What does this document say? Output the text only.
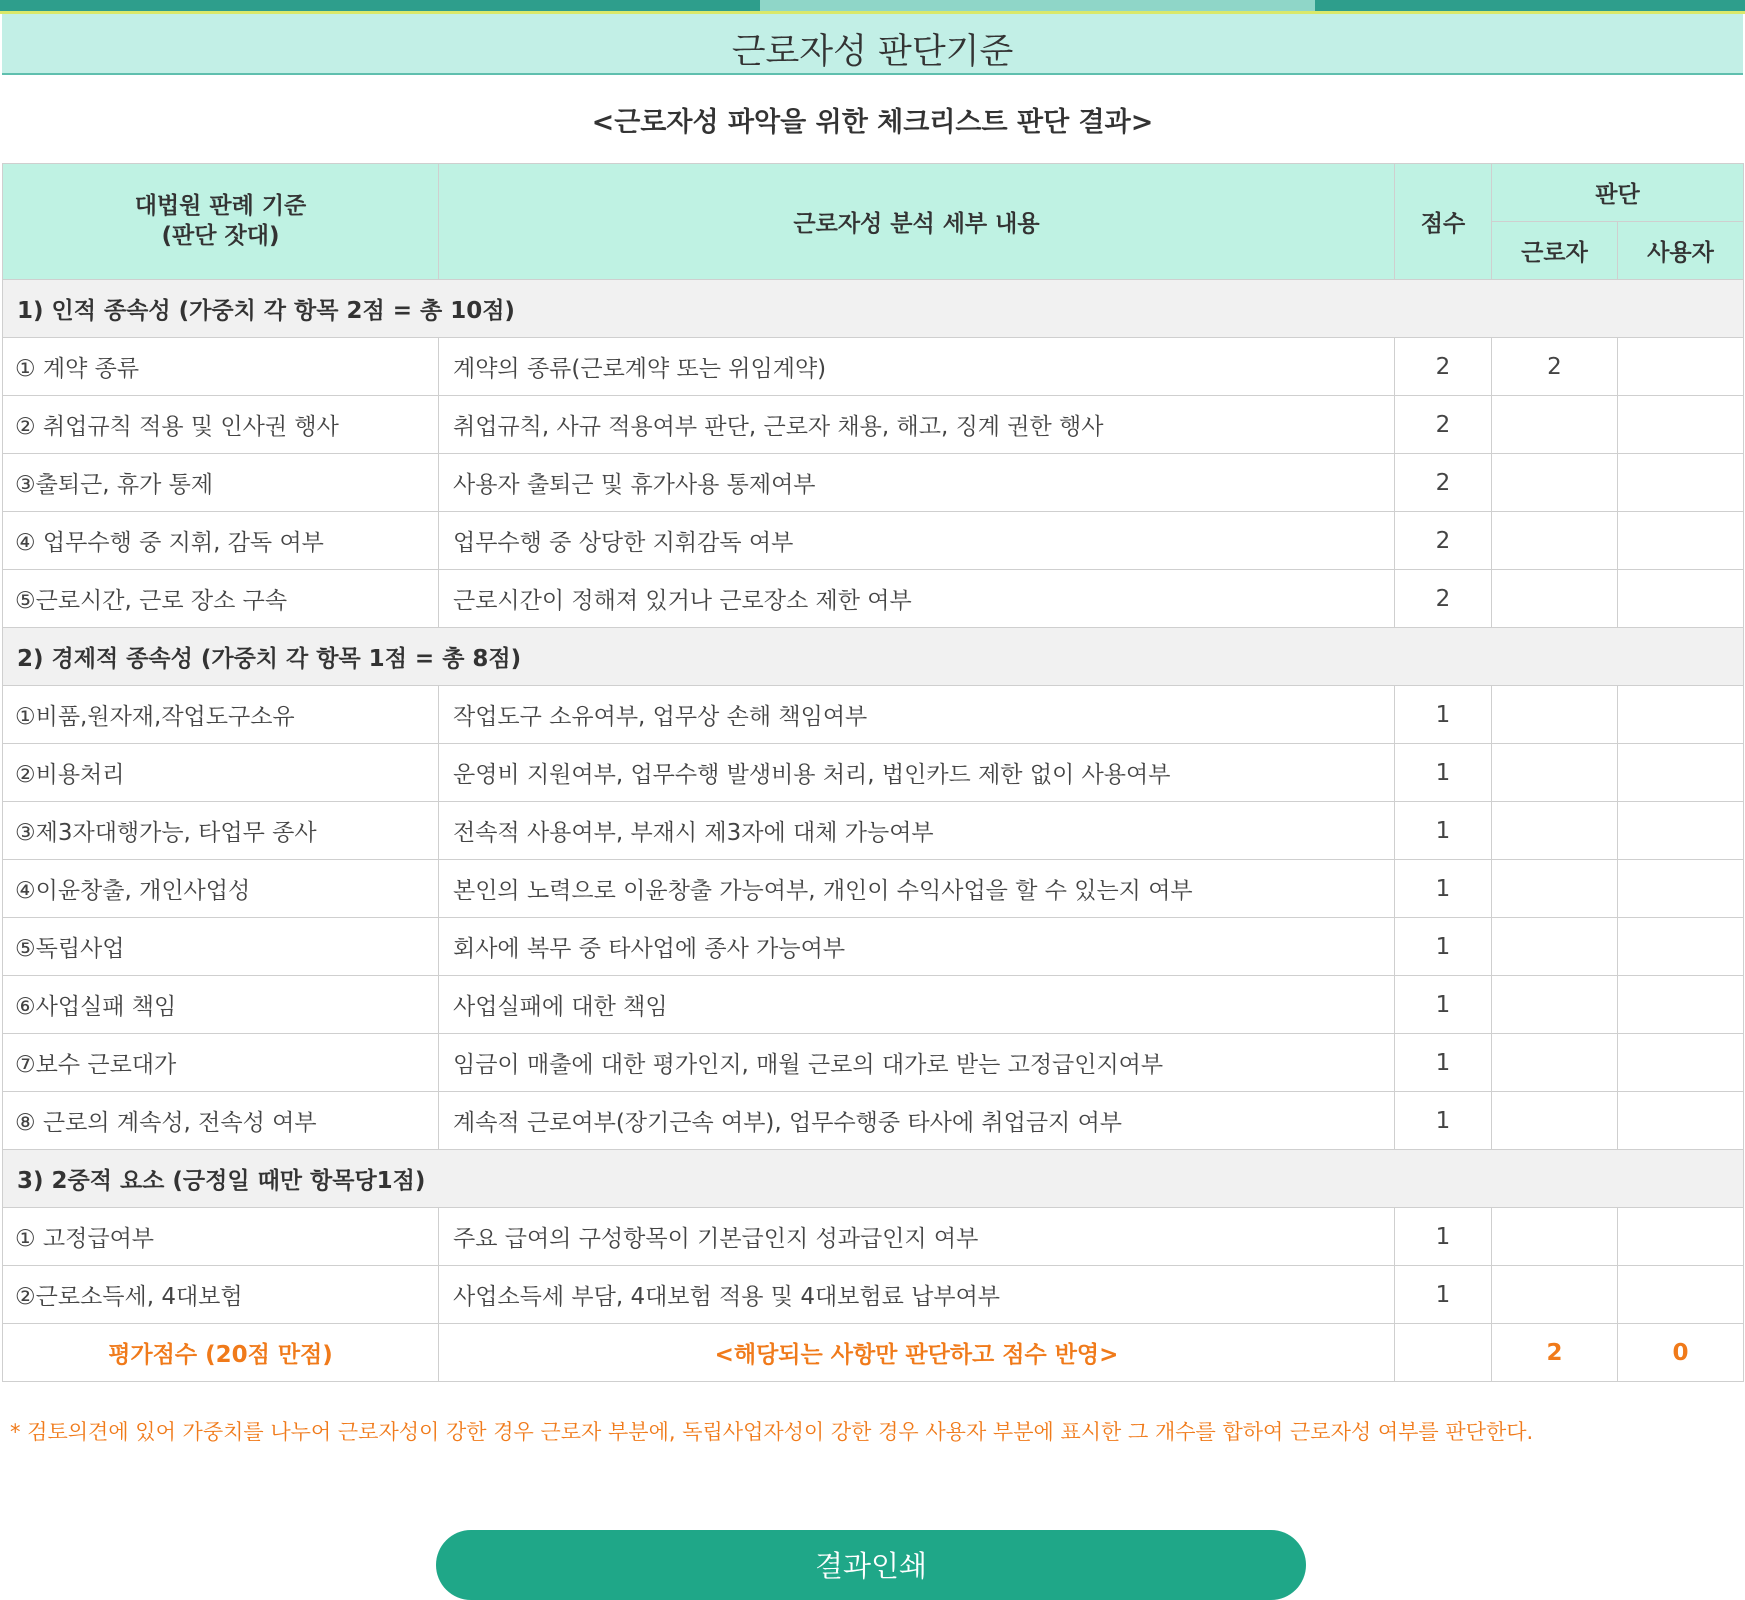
근로자성 판단기준
<근로자성 파악을 위한 체크리스트 판단 결과>
대법원 판례 기준
(판단 잣대)	근로자성 분석 세부 내용	점수	판단	
			근로자	사용자
1) 인적 종속성 (가중치 각 항목 2점 = 총 10점)				
① 계약 종류	계약의 종류(근로계약 또는 위임계약)	2	2	
② 취업규칙 적용 및 인사권 행사	취업규칙, 사규 적용여부 판단, 근로자 채용, 해고, 징계 권한 행사	2		
③출퇴근, 휴가 통제	사용자 출퇴근 및 휴가사용 통제여부	2		
④ 업무수행 중 지휘, 감독 여부	업무수행 중 상당한 지휘감독 여부	2		
⑤근로시간, 근로 장소 구속	근로시간이 정해져 있거나 근로장소 제한 여부	2		
2) 경제적 종속성 (가중치 각 항목 1점 = 총 8점)				
①비품,원자재,작업도구소유	작업도구 소유여부, 업무상 손해 책임여부	1		
②비용처리	운영비 지원여부, 업무수행 발생비용 처리, 법인카드 제한 없이 사용여부	1		
③제3자대행가능, 타업무 종사	전속적 사용여부, 부재시 제3자에 대체 가능여부	1		
④이윤창출, 개인사업성	본인의 노력으로 이윤창출 가능여부, 개인이 수익사업을 할 수 있는지 여부	1		
⑤독립사업	회사에 복무 중 타사업에 종사 가능여부	1		
⑥사업실패 책임	사업실패에 대한 책임	1		
⑦보수 근로대가	임금이 매출에 대한 평가인지, 매월 근로의 대가로 받는 고정급인지여부	1		
⑧ 근로의 계속성, 전속성 여부	계속적 근로여부(장기근속 여부), 업무수행중 타사에 취업금지 여부	1		
3) 2중적 요소 (긍정일 때만 항목당1점)				
① 고정급여부	주요 급여의 구성항목이 기본급인지 성과급인지 여부	1		
②근로소득세, 4대보험	사업소득세 부담, 4대보험 적용 및 4대보험료 납부여부	1		
평가점수 (20점 만점)	<해당되는 사항만 판단하고 점수 반영>		2	0
* 검토의견에 있어 가중치를 나누어 근로자성이 강한 경우 근로자 부분에, 독립사업자성이 강한 경우 사용자 부분에 표시한 그 개수를 합하여 근로자성 여부를 판단한다.
결과인쇄
